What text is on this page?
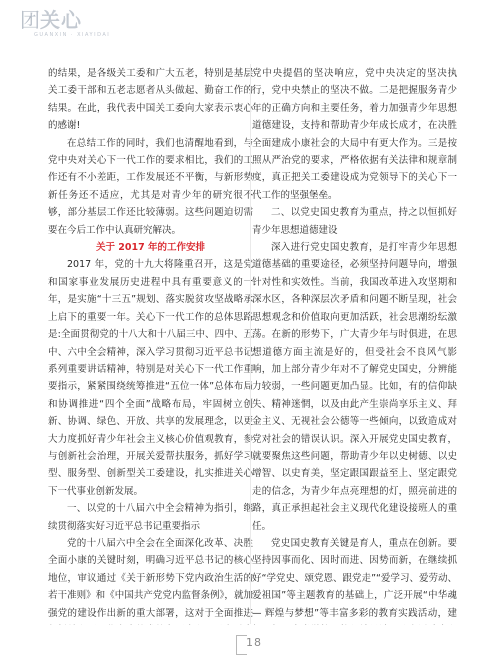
团关心
GUANXIN · XIAYIDAI

的结果，是各级关工委和广大五老，特别是基层关工委干部和五老志愿者从头做起、勤奋工作的结果。在此，我代表中国关工委向大家表示衷心的感谢!

在总结工作的同时，我们也清醒地看到，与党中央对关心下一代工作的要求相比，我们的工作还有不小差距，工作发展还不平衡，与新形势新任务还不适应，尤其是对青少年的研究很不够，部分基层工作还比较薄弱。这些问题迫切需要在今后工作中认真研究解决。

关于 2017 年的工作安排

2017 年，党的十九大将隆重召开，这是党和国家事业发展历史进程中具有重要意义的一年，是实施“十三五”规划、落实脱贫攻坚战略承上启下的重要一年。关心下一代工作的总体思路是:全面贯彻党的十八大和十八届三中、四中、五中、六中全会精神，深入学习贯彻习近平总书记系列重要讲话精神，特别是对关心下一代工作重要指示，紧紧围绕统筹推进“五位一体”总体布局和协调推进“四个全面”战略布局，牢固树立创新、协调、绿色、开放、共享的发展理念，以更大力度抓好青少年社会主义核心价值观教育，参与创新社会治理，开展关爱帮扶服务，抓好学习型、服务型、创新型关工委建设，扎实推进关心下一代事业创新发展。

一、以党的十八届六中全会精神为指引，继续贯彻落实好习近平总书记重要指示

党的十八届六中全会在全面深化改革、决胜全面小康的关键时刻，明确习近平总书记的核心地位，审议通过《关于新形势下党内政治生活的若干准则》和《中国共产党党内监督条例》，就加强党的建设作出新的重大部署，这对于全面推进

党中央提倡的坚决响应，党中央决定的坚决执行，党中央禁止的坚决不做。二是把握服务青少年的正确方向和主要任务，着力加强青少年思想道德建设，支持和帮助青少年成长成才，在决胜全面建成小康社会的大局中有更大作为。三是按照从严治党的要求，严格依据有关法律和规章制度，真正把关工委建设成为党领导下的关心下一代工作的坚强堡垒。

二、以党史国史教育为重点，持之以恒抓好青少年思想道德建设

深入进行党史国史教育，是打牢青少年思想道德基础的重要途径，必须坚持问题导向，增强针对性和实效性。当前，我国改革进入攻坚期和深水区，各种深层次矛盾和问题不断呈现，社会思想观念和价值取向更加活跃，社会思潮纷纭激荡。在新的形势下，广大青少年与时俱进，在思想道德方面主流是好的，但受社会不良风气影响，加上部分青少年对不了解党史国史，分辨能力较弱，一些问题更加凸显。比如，有的信仰缺失、精神迷惘，以及由此产生崇尚享乐主义、拜金主义、无视社会公德等一些倾向，以致造成对党对社会的错误认识。深入开展党史国史教育，就要聚焦这些问题，帮助青少年以史树德、以史增智、以史育美，坚定跟国跟益至上、坚定跟党走的信念，为青少年点亮理想的灯，照亮前进的路，真正承担起社会主义现代化建设接班人的重任。

党史国史教育关键是育人，重点在创新。要坚持因事而化、因时而进、因势而新，在继续抓好“学党史、颂党恩、跟党走”“爱学习、爱劳动、爱祖国”等主题教育的基础上，广泛开展“中华魂 — 辉煌与梦想”等丰富多彩的教育实践活动，建

18
